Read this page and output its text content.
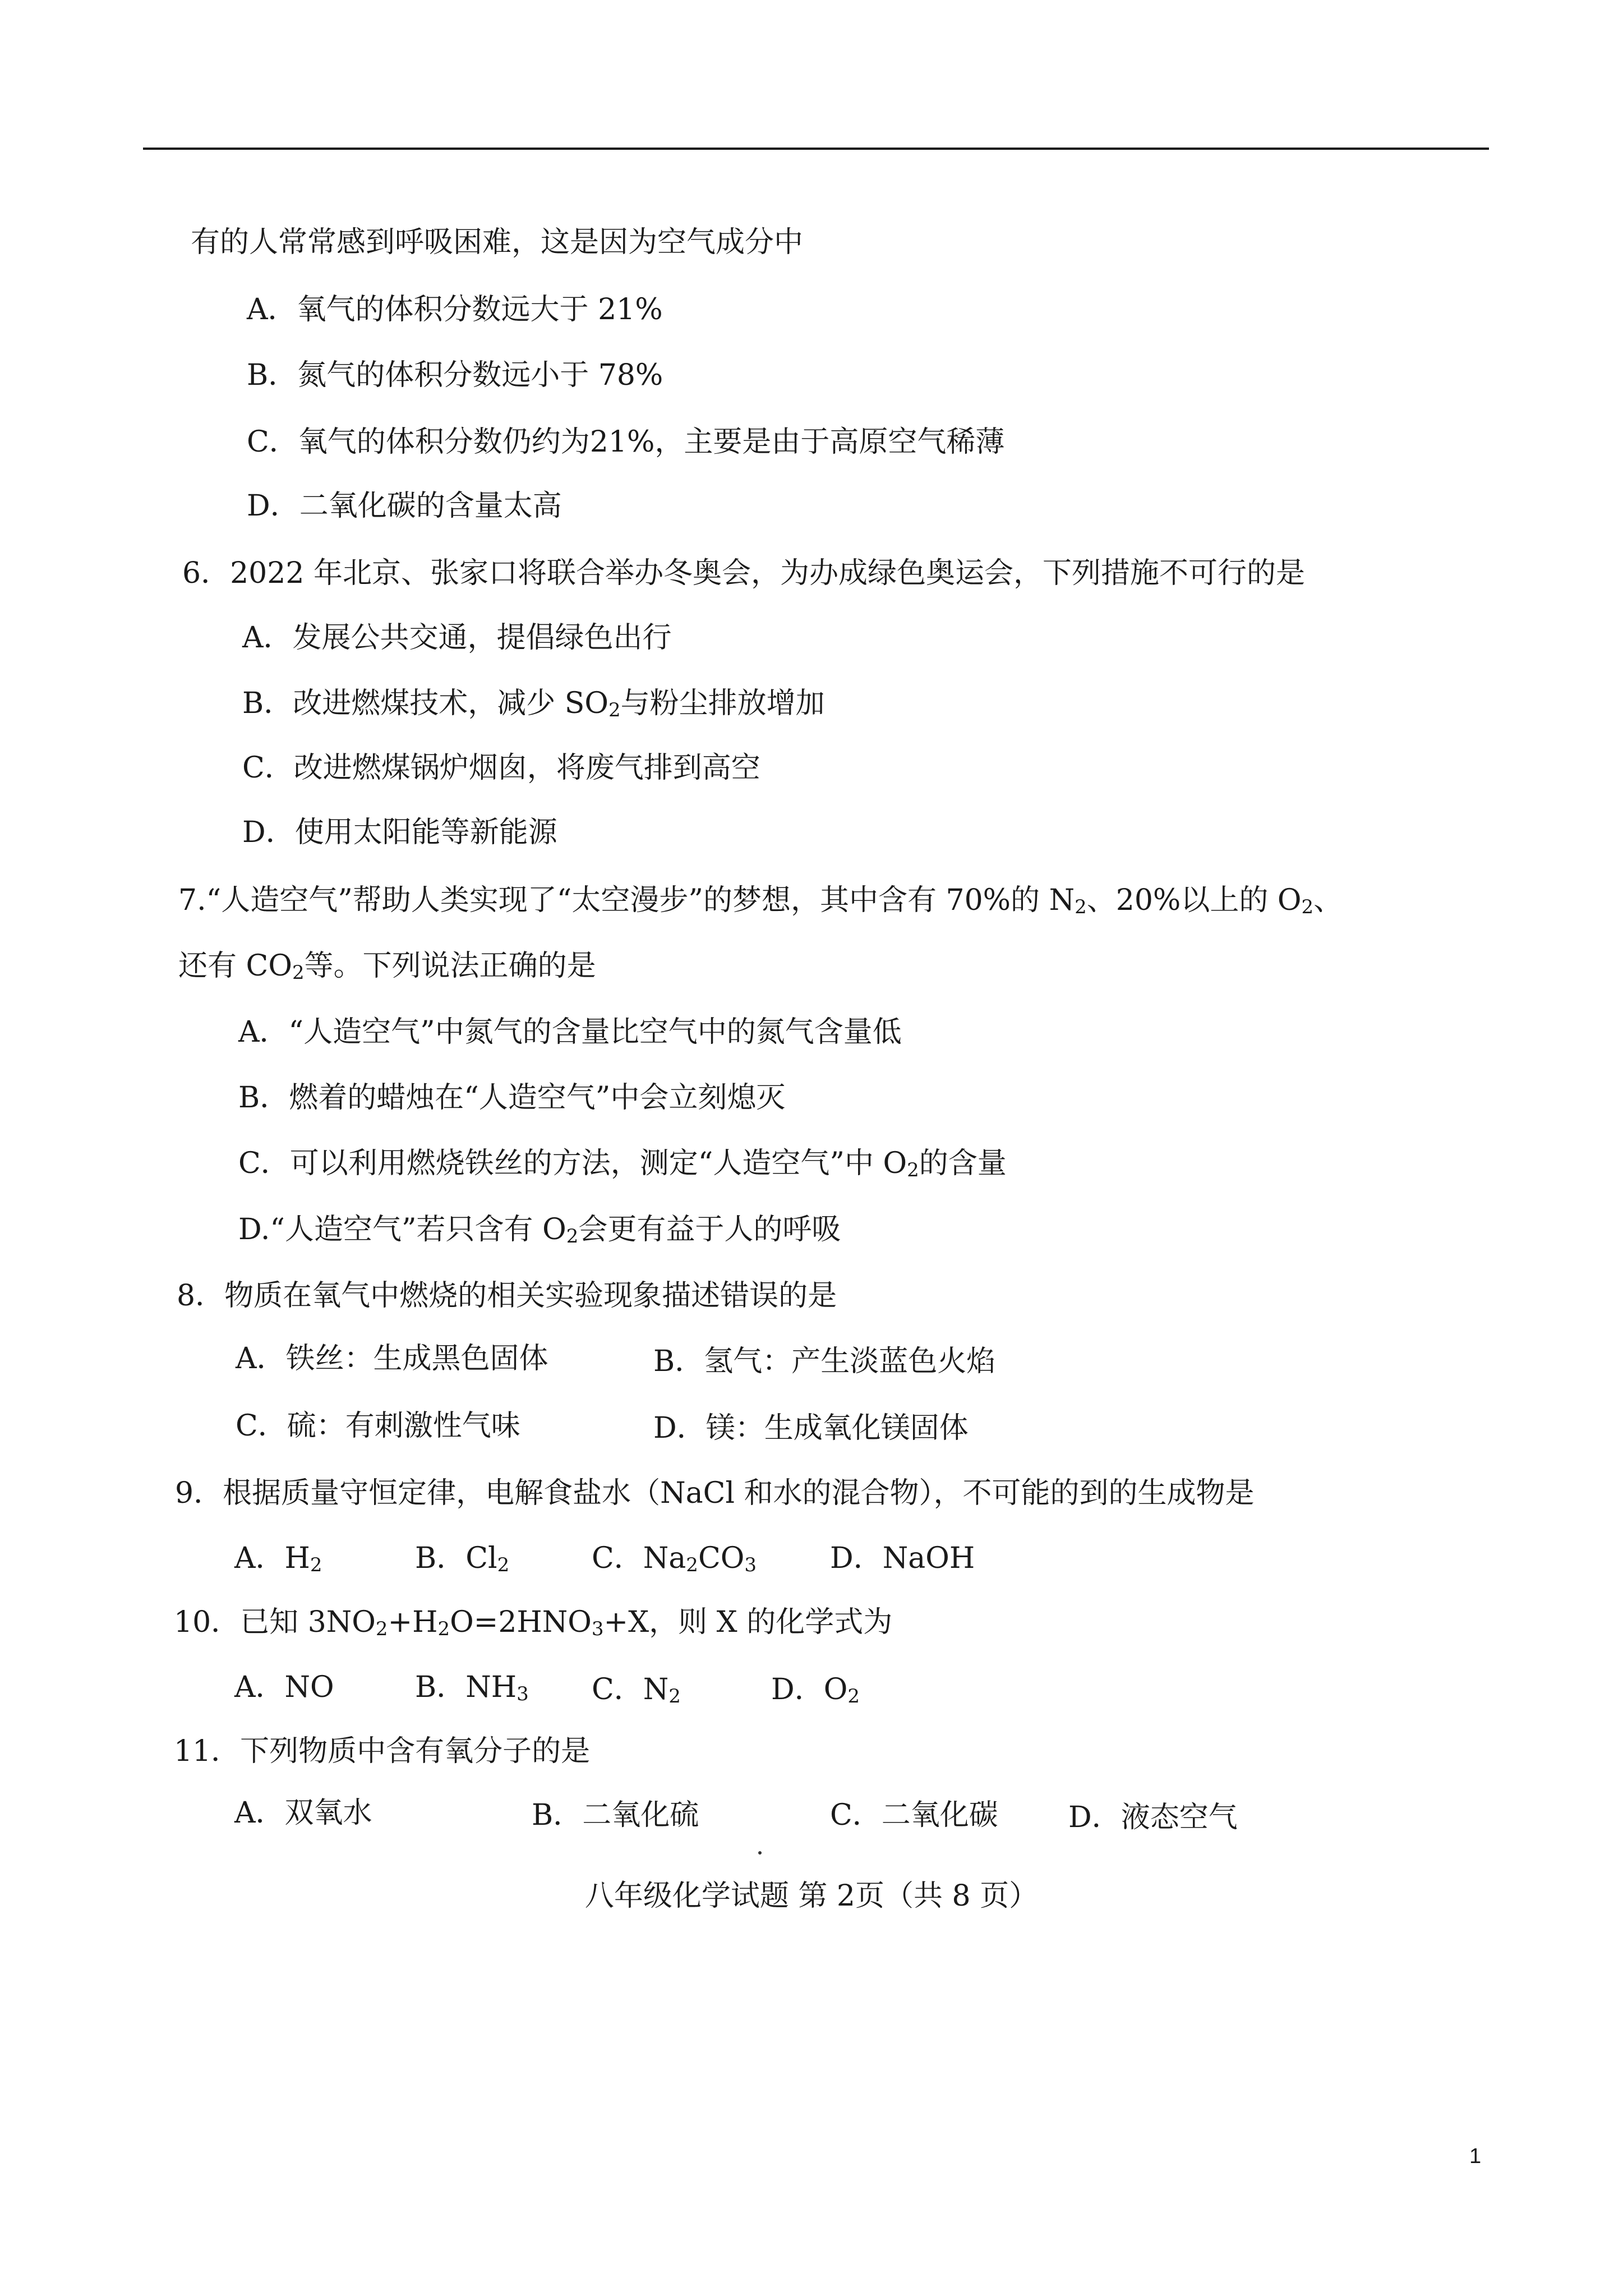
有的人常常感到呼吸困难，这是因为空气成分中
A．氧气的体积分数远大于 21%
B．氮气的体积分数远小于 78%
C．氧气的体积分数仍约为21%，主要是由于高原空气稀薄
D．二氧化碳的含量太高
6．2022 年北京、张家口将联合举办冬奥会，为办成绿色奥运会，下列措施不可行的是
A．发展公共交通，提倡绿色出行
B．改进燃煤技术，减少 $SO_2$与粉尘排放增加
C．改进燃煤锅炉烟囱，将废气排到高空
D．使用太阳能等新能源
7.“人造空气”帮助人类实现了“太空漫步”的梦想，其中含有 70%的 $N_2$、20%以上的 $O_2$、
还有 $CO_2$等。下列说法正确的是
A．“人造空气”中氮气的含量比空气中的氮气含量低
B．燃着的蜡烛在“人造空气”中会立刻熄灭
C．可以利用燃烧铁丝的方法，测定“人造空气”中 $O_2$的含量
D.“人造空气”若只含有 $O_2$会更有益于人的呼吸
8．物质在氧气中燃烧的相关实验现象描述错误的是
A．铁丝：生成黑色固体	B．氢气：产生淡蓝色火焰
C．硫：有刺激性气味	D．镁：生成氧化镁固体
9．根据质量守恒定律，电解食盐水（NaCl 和水的混合物），不可能的到的生成物是
A．$H_2$	B．$Cl_2$	C．$Na_2CO_3$	D．NaOH
10．已知 $3NO_2+H_2O=2HNO_3+X$，则 X 的化学式为
A．NO	B．$NH_3$ C．$N_2$	D．$O_2$
11．下列物质中含有氧分子的是
A．双氧水	B．二氧化硫	C．二氧化碳 D．液态空气
八年级化学试题 第 2页（共 8 页）
1
